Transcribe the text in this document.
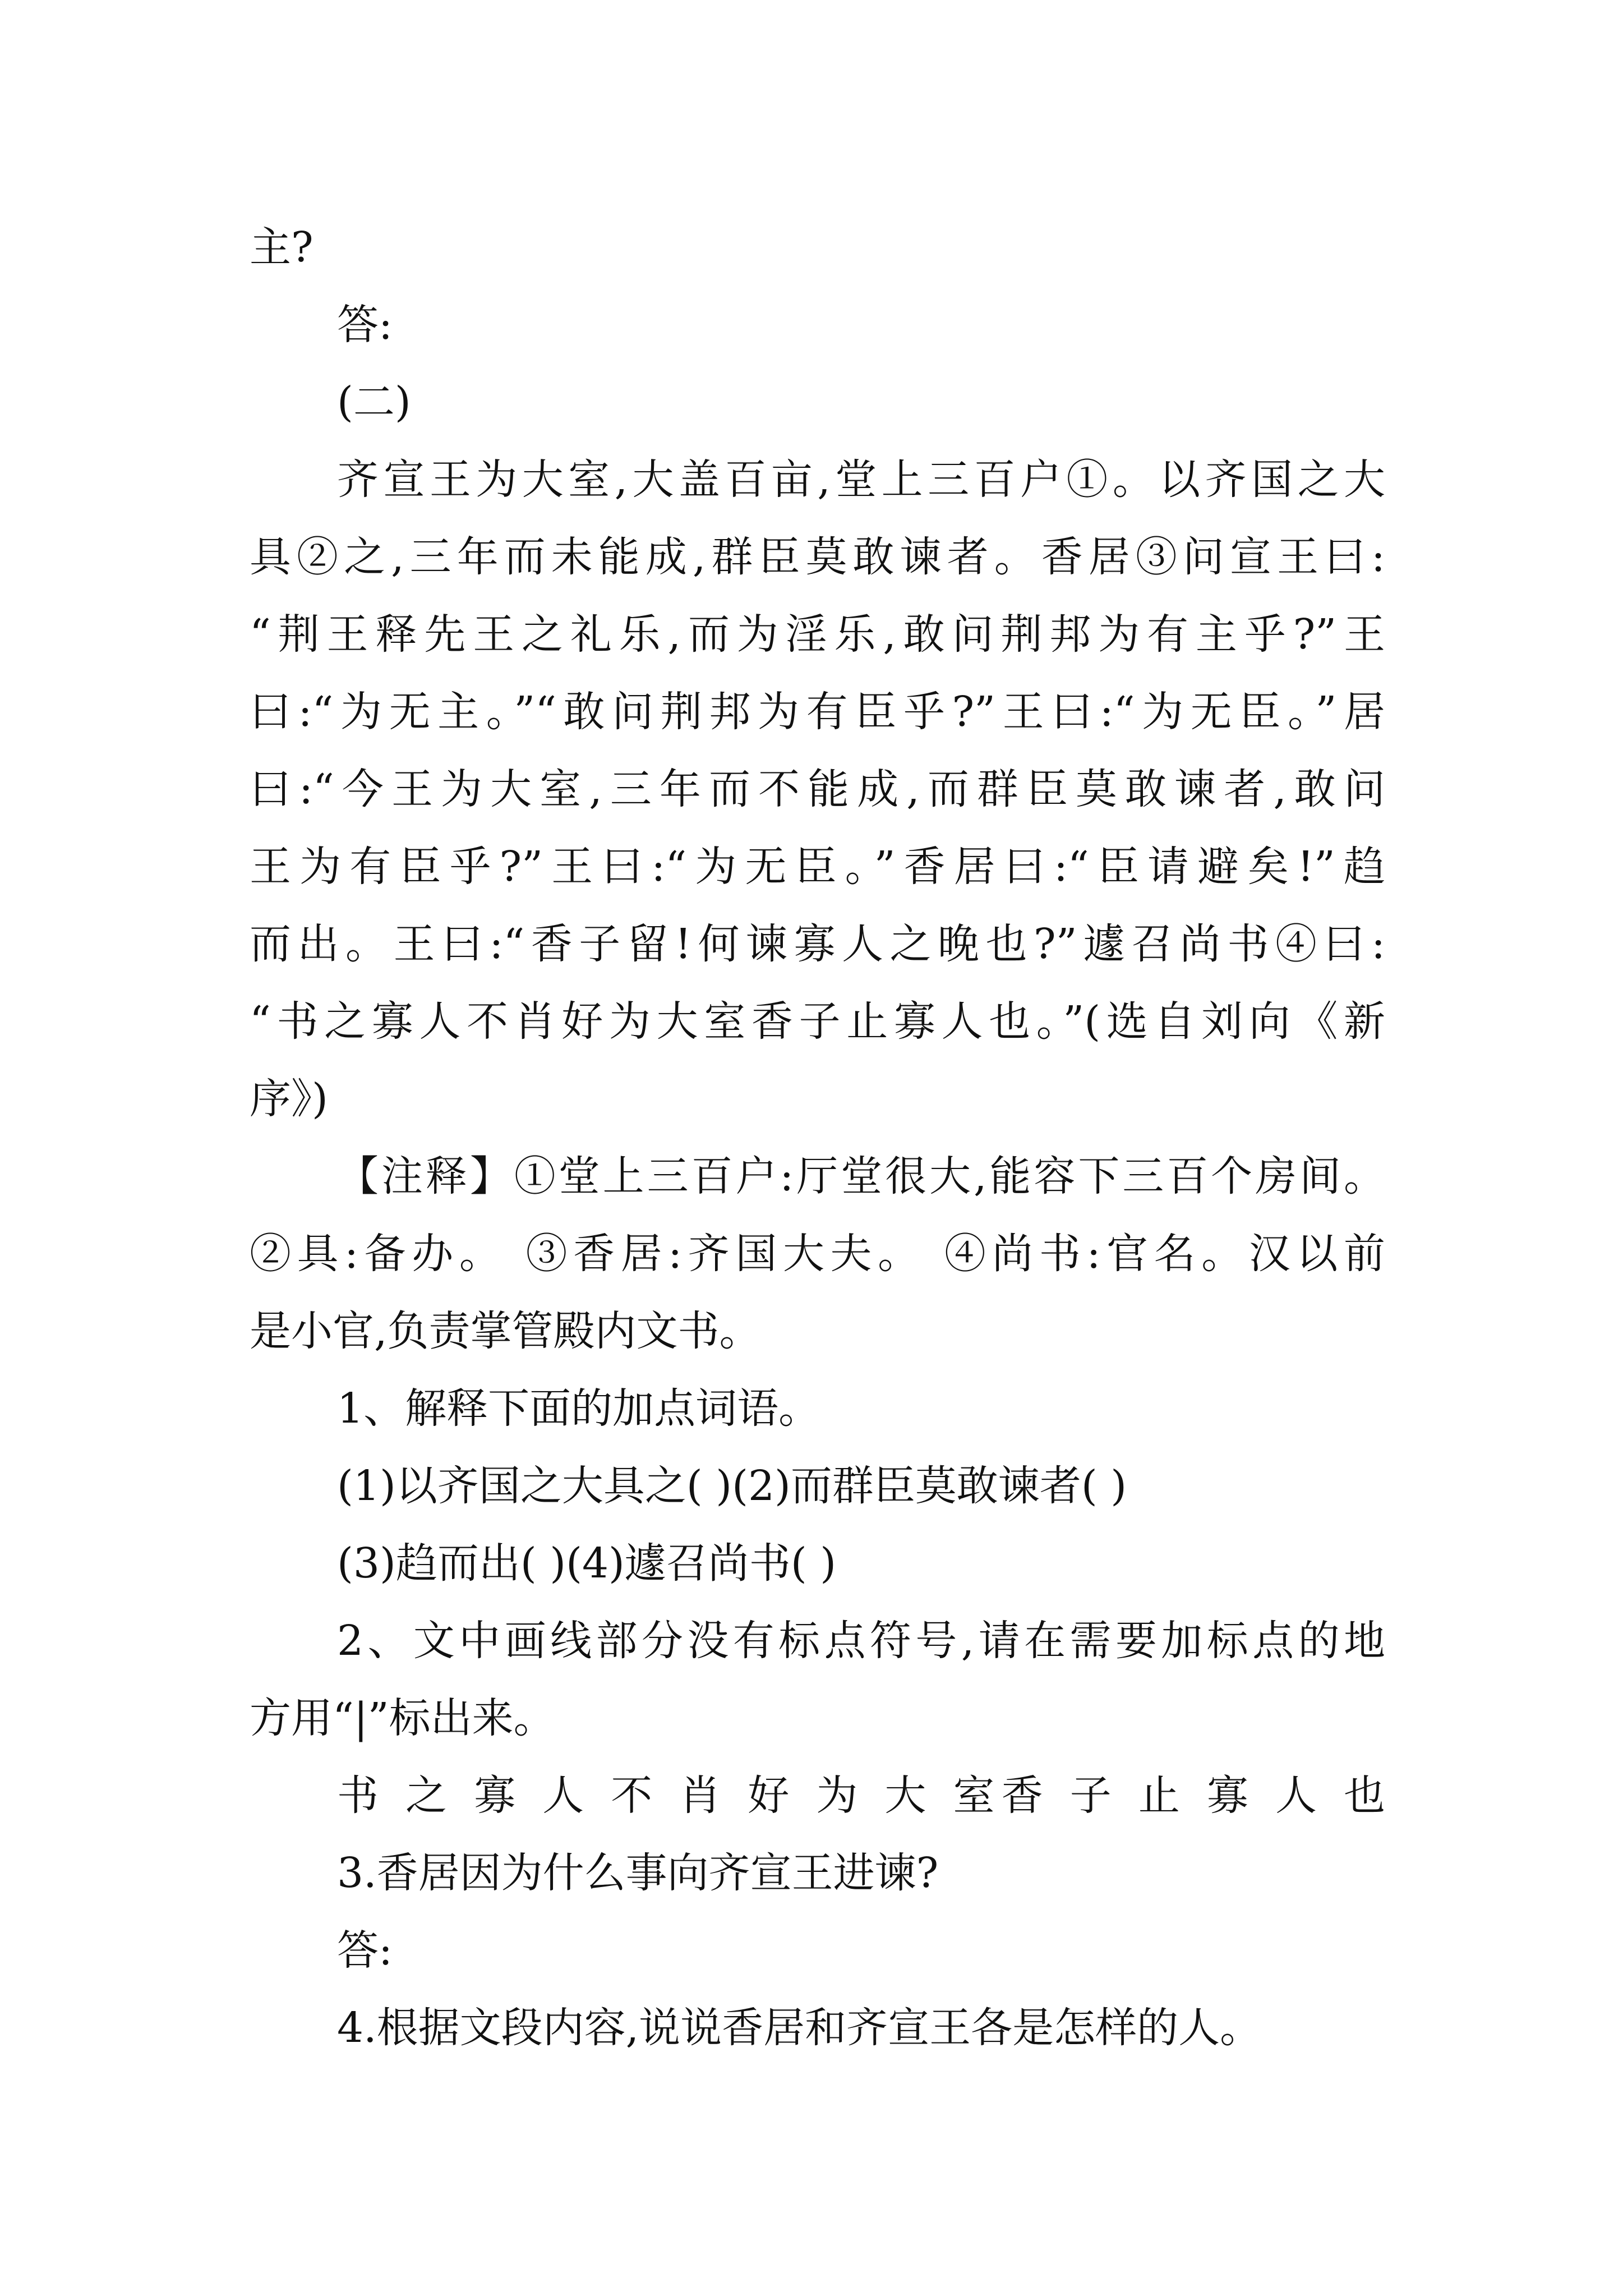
主?
答:
(二)
齐宣王为大室,大盖百亩,堂上三百户①。以齐国之大
具②之,三年而未能成,群臣莫敢谏者。香居③问宣王曰:
“荆王释先王之礼乐,而为淫乐,敢问荆邦为有主乎?”王
曰:“为无主。”“敢问荆邦为有臣乎?”王曰:“为无臣。”居
曰:“今王为大室,三年而不能成,而群臣莫敢谏者,敢问
王为有臣乎?”王曰:“为无臣。”香居曰:“臣请避矣!”趋
而出。王曰:“香子留!何谏寡人之晚也?”遽召尚书④曰:
“书之寡人不肖好为大室香子止寡人也。”(选自刘向《新
序》)
【注释】①堂上三百户:厅堂很大,能容下三百个房间。
②具:备办。 ③香居:齐国大夫。 ④尚书:官名。汉以前
是小官,负责掌管殿内文书。
1、解释下面的加点词语。
(1)以齐国之大具之( )(2)而群臣莫敢谏者( )
(3)趋而出( )(4)遽召尚书( )
2、文中画线部分没有标点符号,请在需要加标点的地
方用“|”标出来。
书 之 寡 人 不 肖 好 为 大 室香 子 止 寡 人 也
3.香居因为什么事向齐宣王进谏?
答:
4.根据文段内容,说说香居和齐宣王各是怎样的人。
